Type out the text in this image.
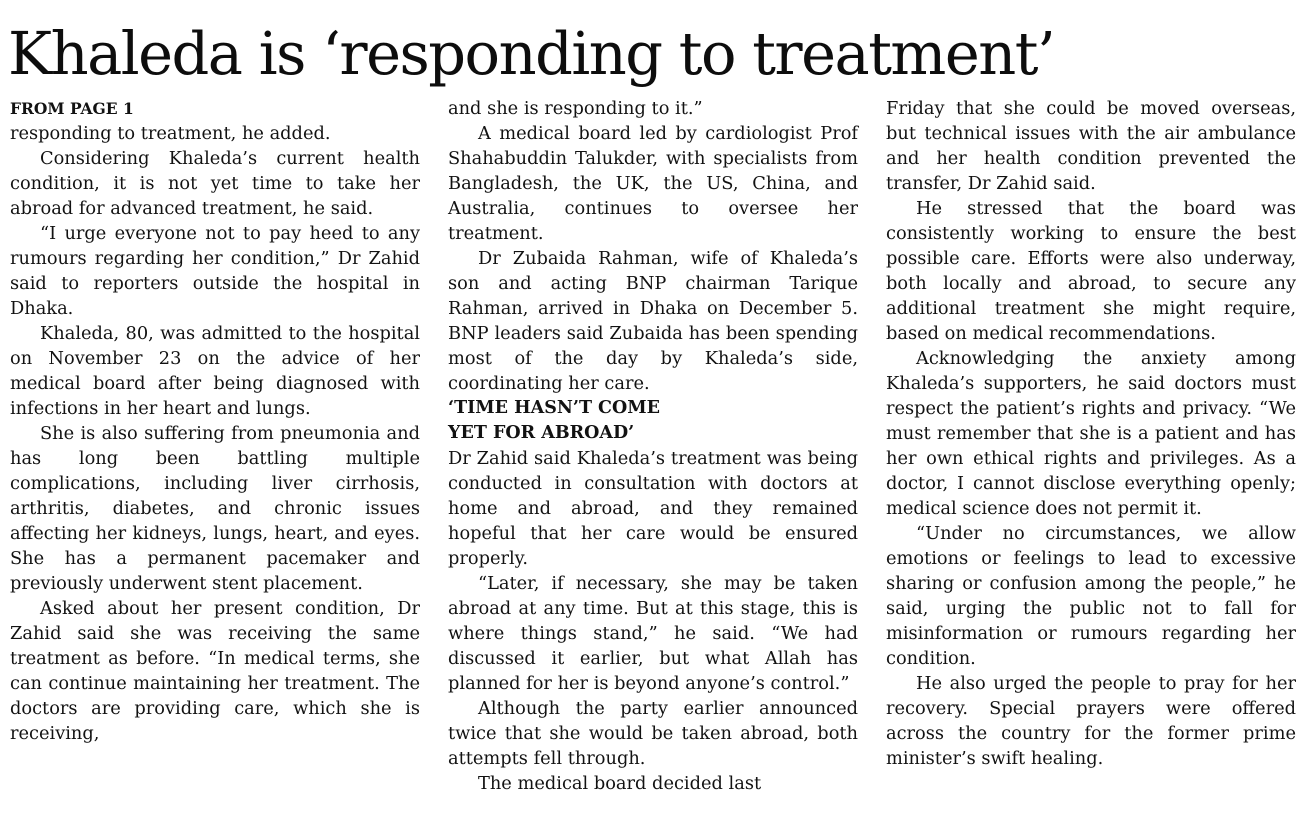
Khaleda is ‘responding to treatment’
FROM PAGE 1

responding to treatment, he added.

Considering Khaleda’s current health condition, it is not yet time to take her abroad for advanced treatment, he said.

“I urge everyone not to pay heed to any rumours regarding her condition,” Dr Zahid said to reporters outside the hospital in Dhaka.

Khaleda, 80, was admitted to the hospital on November 23 on the advice of her medical board after being diagnosed with infections in her heart and lungs.

She is also suffering from pneumonia and has long been battling multiple complications, including liver cirrhosis, arthritis, diabetes, and chronic issues affecting her kidneys, lungs, heart, and eyes. She has a permanent pacemaker and previously underwent stent placement.

Asked about her present condition, Dr Zahid said she was receiving the same treatment as before. “In medical terms, she can continue maintaining her treatment. The doctors are providing care, which she is receiving,

and she is responding to it.”

A medical board led by cardiologist Prof Shahabuddin Talukder, with specialists from Bangladesh, the UK, the US, China, and Australia, continues to oversee her treatment.

Dr Zubaida Rahman, wife of Khaleda’s son and acting BNP chairman Tarique Rahman, arrived in Dhaka on December 5. BNP leaders said Zubaida has been spending most of the day by Khaleda’s side, coordinating her care.

‘TIME HASN’T COME
YET FOR ABROAD’

Dr Zahid said Khaleda’s treatment was being conducted in consultation with doctors at home and abroad, and they remained hopeful that her care would be ensured properly.

“Later, if necessary, she may be taken abroad at any time. But at this stage, this is where things stand,” he said. “We had discussed it earlier, but what Allah has planned for her is beyond anyone’s control.”

Although the party earlier announced twice that she would be taken abroad, both attempts fell through.

The medical board decided last

Friday that she could be moved overseas, but technical issues with the air ambulance and her health condition prevented the transfer, Dr Zahid said.

He stressed that the board was consistently working to ensure the best possible care. Efforts were also underway, both locally and abroad, to secure any additional treatment she might require, based on medical recommendations.

Acknowledging the anxiety among Khaleda’s supporters, he said doctors must respect the patient’s rights and privacy. “We must remember that she is a patient and has her own ethical rights and privileges. As a doctor, I cannot disclose everything openly; medical science does not permit it.

“Under no circumstances, we allow emotions or feelings to lead to excessive sharing or confusion among the people,” he said, urging the public not to fall for misinformation or rumours regarding her condition.

He also urged the people to pray for her recovery. Special prayers were offered across the country for the former prime minister’s swift healing.
